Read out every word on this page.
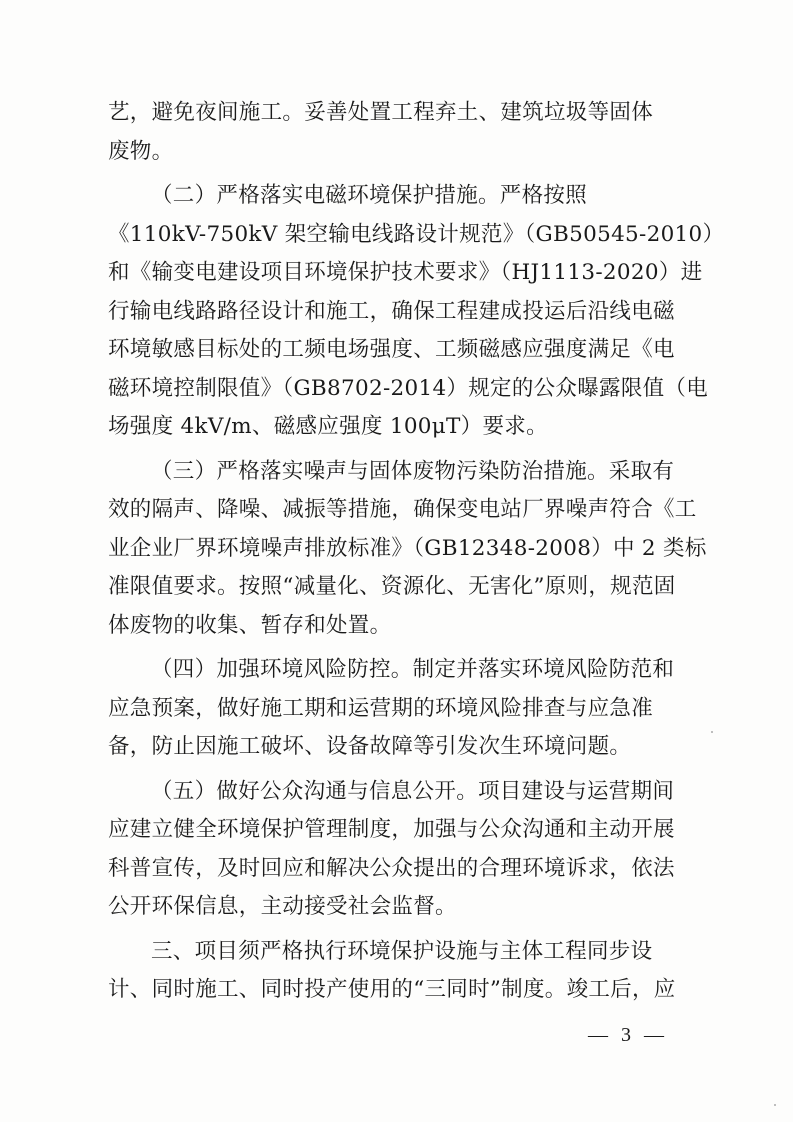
艺，避免夜间施工。妥善处置工程弃土、建筑垃圾等固体
废物。
（二）严格落实电磁环境保护措施。严格按照
《110kV-750kV 架空输电线路设计规范》（GB50545-2010）
和《输变电建设项目环境保护技术要求》（HJ1113-2020）进
行输电线路路径设计和施工，确保工程建成投运后沿线电磁
环境敏感目标处的工频电场强度、工频磁感应强度满足《电
磁环境控制限值》（GB8702-2014）规定的公众曝露限值（电
场强度 4kV/m、磁感应强度 100μT）要求。
（三）严格落实噪声与固体废物污染防治措施。采取有
效的隔声、降噪、减振等措施，确保变电站厂界噪声符合《工
业企业厂界环境噪声排放标准》（GB12348-2008）中 2 类标
准限值要求。按照“减量化、资源化、无害化”原则，规范固
体废物的收集、暂存和处置。
（四）加强环境风险防控。制定并落实环境风险防范和
应急预案，做好施工期和运营期的环境风险排查与应急准
备，防止因施工破坏、设备故障等引发次生环境问题。
（五）做好公众沟通与信息公开。项目建设与运营期间
应建立健全环境保护管理制度，加强与公众沟通和主动开展
科普宣传，及时回应和解决公众提出的合理环境诉求，依法
公开环保信息，主动接受社会监督。
三、项目须严格执行环境保护设施与主体工程同步设
计、同时施工、同时投产使用的“三同时”制度。竣工后，应
— 3 —
